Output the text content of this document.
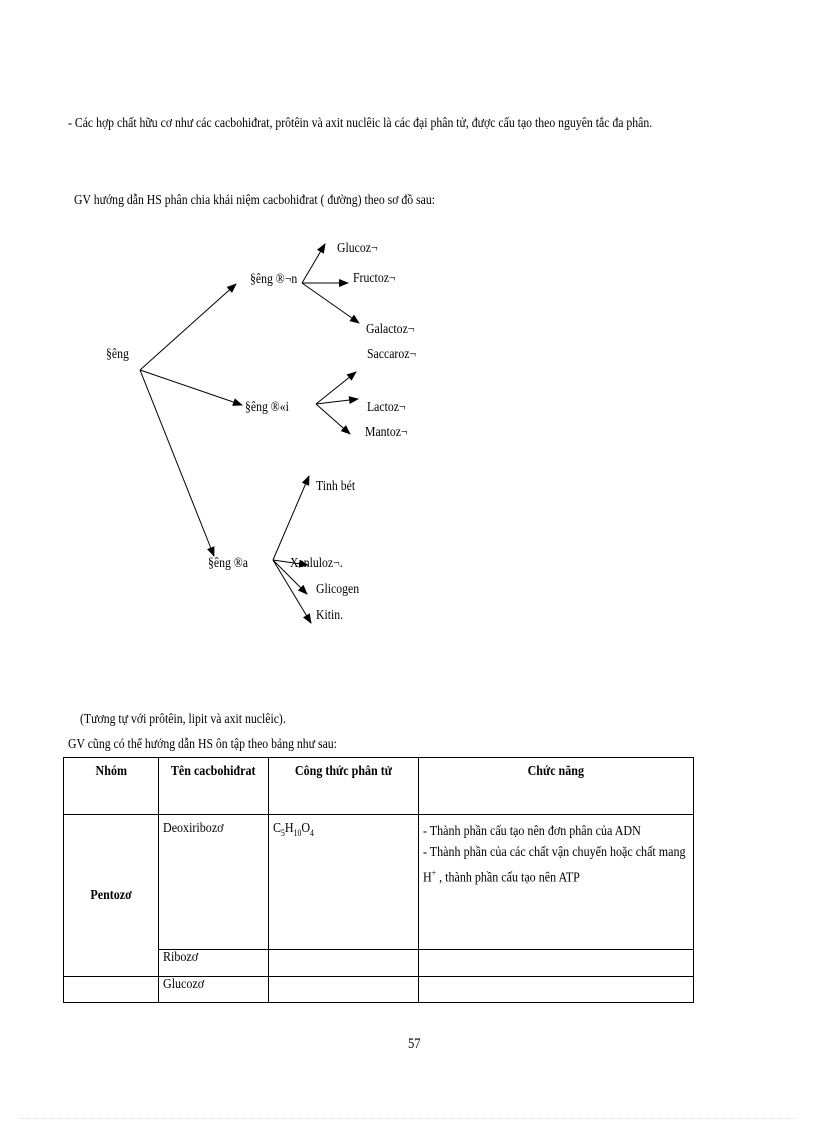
- Các hợp chất hữu cơ như các cacbohiđrat, prôtêin và axit nuclêic là các đại phân tử, được cấu tạo theo nguyên tắc đa phân.
GV hướng dẫn HS phân chia khái niệm cacbohiđrat ( đường) theo sơ đồ sau:
§êng
§êng ®¬n
Glucoz¬
Fructoz¬
Galactoz¬
§êng ®«i
Saccaroz¬
Lactoz¬
Mantoz¬
§êng ®a
Tinh bét
Xenluloz¬.
Glicogen
Kitin.
(Tương tự với prôtêin, lipit và axit nuclêic).
GV cũng có thể hướng dẫn HS ôn tập theo bảng như sau:
Nhóm	Tên cacbohiđrat	Công thức phân tử	Chức năng
Pentozơ	Deoxiribozơ	$C_5H_{10}O_4$	- Thành phần cấu tạo nên đơn phân của ADN
- Thành phần của các chất vận chuyển hoặc chất mang
H+ , thành phần cấu tạo nên ATP

	Ribozơ		
	Glucozơ		
57
